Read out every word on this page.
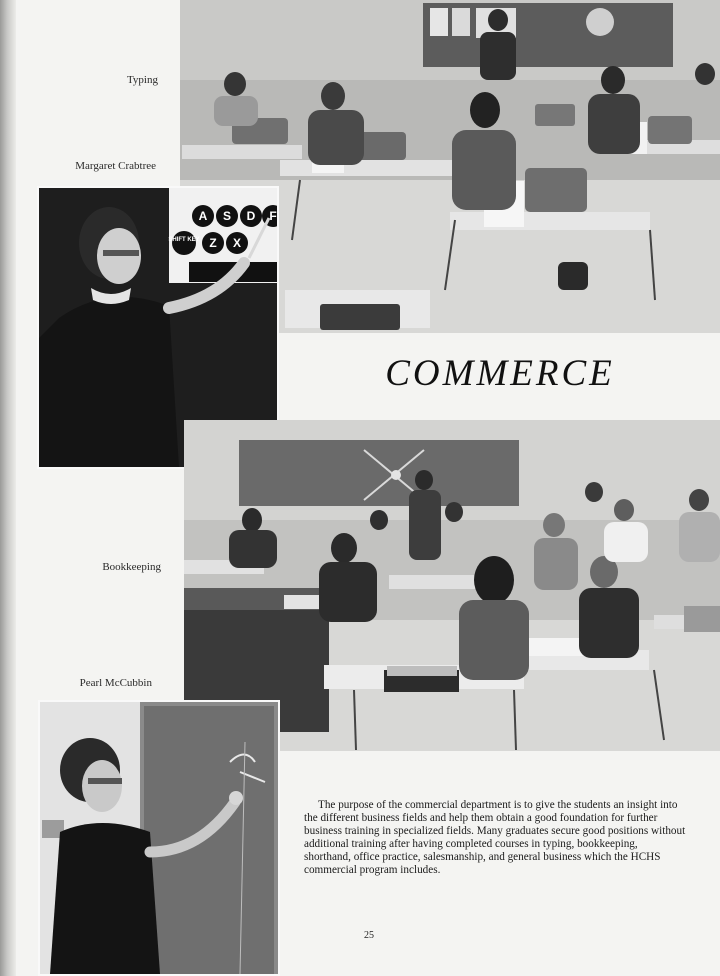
Typing
Margaret Crabtree
Bookkeeping
Pearl McCubbin
A S D F
SHIFT KEY Z X
COMMERCE

The purpose of the commercial department is to give the students an insight into the different business fields and help them obtain a good foundation for further business training in specialized fields. Many graduates secure good positions without additional training after having completed courses in typing, bookkeeping, shorthand, office practice, salesmanship, and general business which the HCHS commercial program includes.

25
